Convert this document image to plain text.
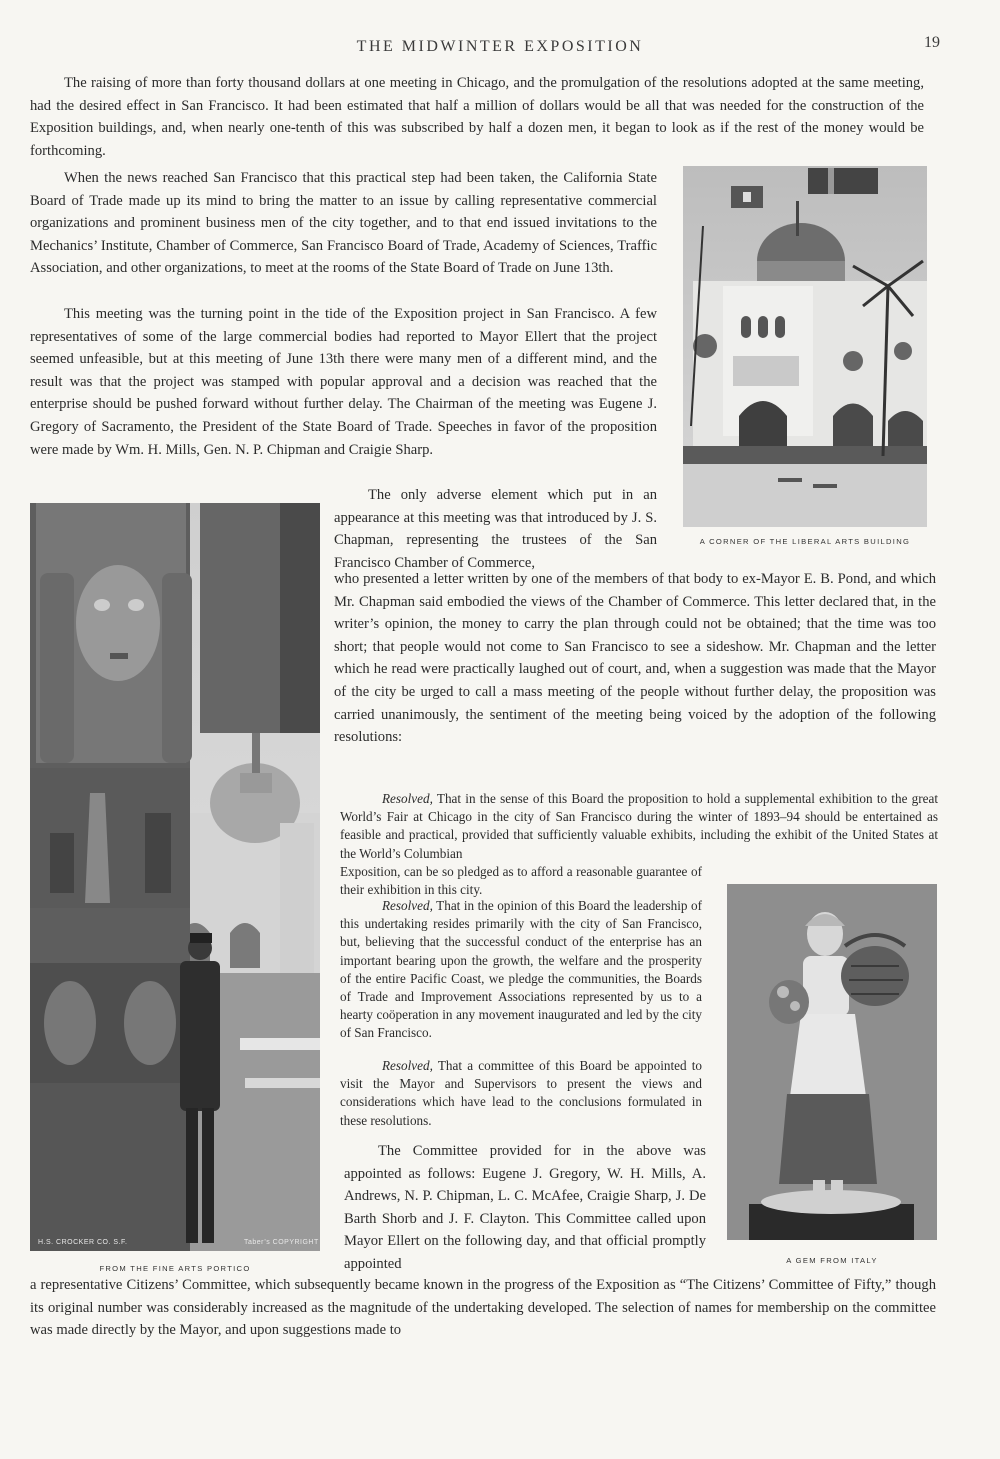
THE MIDWINTER EXPOSITION	19

The raising of more than forty thousand dollars at one meeting in Chicago, and the promulgation of the resolutions adopted at the same meeting, had the desired effect in San Francisco. It had been estimated that half a million of dollars would be all that was needed for the construction of the Exposition buildings, and, when nearly one-tenth of this was subscribed by half a dozen men, it began to look as if the rest of the money would be forthcoming.

When the news reached San Francisco that this practical step had been taken, the California State Board of Trade made up its mind to bring the matter to an issue by calling representative commercial organizations and prominent business men of the city together, and to that end issued invitations to the Mechanics’ Institute, Chamber of Commerce, San Francisco Board of Trade, Academy of Sciences, Traffic Association, and other organizations, to meet at the rooms of the State Board of Trade on June 13th.

This meeting was the turning point in the tide of the Exposition project in San Francisco. A few representatives of some of the large commercial bodies had reported to Mayor Ellert that the project seemed unfeasible, but at this meeting of June 13th there were many men of a different mind, and the result was that the project was stamped with popular approval and a decision was reached that the enterprise should be pushed forward without further delay. The Chairman of the meeting was Eugene J. Gregory of Sacramento, the President of the State Board of Trade. Speeches in favor of the proposition were made by Wm. H. Mills, Gen. N. P. Chipman and Craigie Sharp.

The only adverse element which put in an appearance at this meeting was that introduced by J. S. Chapman, representing the trustees of the San Francisco Chamber of Commerce,

who presented a letter written by one of the members of that body to ex-Mayor E. B. Pond, and which Mr. Chapman said embodied the views of the Chamber of Commerce. This letter declared that, in the writer’s opinion, the money to carry the plan through could not be obtained; that the time was too short; that people would not come to San Francisco to see a sideshow. Mr. Chapman and the letter which he read were practically laughed out of court, and, when a suggestion was made that the Mayor of the city be urged to call a mass meeting of the people without further delay, the proposition was carried unanimously, the sentiment of the meeting being voiced by the adoption of the following resolutions:

Resolved, That in the sense of this Board the proposition to hold a supplemental exhibition to the great World’s Fair at Chicago in the city of San Francisco during the winter of 1893–94 should be entertained as feasible and practical, provided that sufficiently valuable exhibits, including the exhibit of the United States at the World’s Columbian

Exposition, can be so pledged as to afford a reasonable guarantee of their exhibition in this city.

Resolved, That in the opinion of this Board the leadership of this undertaking resides primarily with the city of San Francisco, but, believing that the successful conduct of the enterprise has an important bearing upon the growth, the welfare and the prosperity of the entire Pacific Coast, we pledge the communities, the Boards of Trade and Improvement Associations represented by us to a hearty coöperation in any movement inaugurated and led by the city of San Francisco.

Resolved, That a committee of this Board be appointed to visit the Mayor and Supervisors to present the views and considerations which have lead to the conclusions formulated in these resolutions.

The Committee provided for in the above was appointed as follows: Eugene J. Gregory, W. H. Mills, A. Andrews, N. P. Chipman, L. C. McAfee, Craigie Sharp, J. De Barth Shorb and J. F. Clayton. This Committee called upon Mayor Ellert on the following day, and that official promptly appointed

a representative Citizens’ Committee, which subsequently became known in the progress of the Exposition as “The Citizens’ Committee of Fifty,” though its original number was considerably increased as the magnitude of the undertaking developed. The selection of names for membership on the committee was made directly by the Mayor, and upon suggestions made to

A CORNER OF THE LIBERAL ARTS BUILDING
H.S. CROCKER CO. S.F.	Taber’s COPYRIGHT
FROM THE FINE ARTS PORTICO
A GEM FROM ITALY
